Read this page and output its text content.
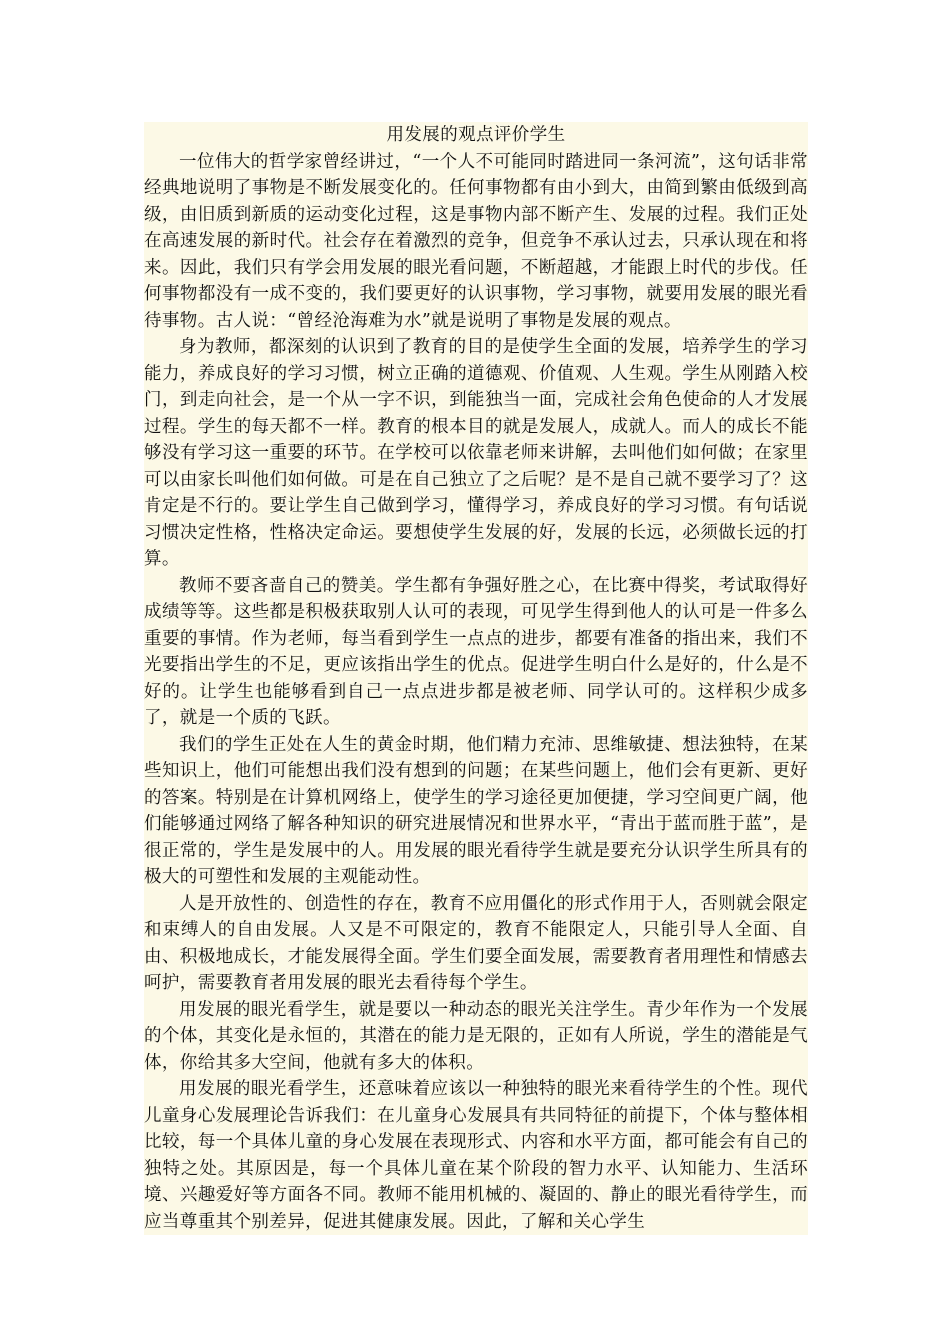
用发展的观点评价学生

一位伟大的哲学家曾经讲过，“一个人不可能同时踏进同一条河流”，这句话非常经典地说明了事物是不断发展变化的。任何事物都有由小到大，由简到繁由低级到高级，由旧质到新质的运动变化过程，这是事物内部不断产生、发展的过程。我们正处在高速发展的新时代。社会存在着激烈的竞争，但竞争不承认过去，只承认现在和将来。因此，我们只有学会用发展的眼光看问题，不断超越，才能跟上时代的步伐。任何事物都没有一成不变的，我们要更好的认识事物，学习事物，就要用发展的眼光看待事物。古人说：“曾经沧海难为水”就是说明了事物是发展的观点。

身为教师，都深刻的认识到了教育的目的是使学生全面的发展，培养学生的学习能力，养成良好的学习习惯，树立正确的道德观、价值观、人生观。学生从刚踏入校门，到走向社会，是一个从一字不识，到能独当一面，完成社会角色使命的人才发展过程。学生的每天都不一样。教育的根本目的就是发展人，成就人。而人的成长不能够没有学习这一重要的环节。在学校可以依靠老师来讲解，去叫他们如何做；在家里可以由家长叫他们如何做。可是在自己独立了之后呢？是不是自己就不要学习了？这肯定是不行的。要让学生自己做到学习，懂得学习，养成良好的学习习惯。有句话说习惯决定性格，性格决定命运。要想使学生发展的好，发展的长远，必须做长远的打算。

教师不要吝啬自己的赞美。学生都有争强好胜之心，在比赛中得奖，考试取得好成绩等等。这些都是积极获取别人认可的表现，可见学生得到他人的认可是一件多么重要的事情。作为老师，每当看到学生一点点的进步，都要有准备的指出来，我们不光要指出学生的不足，更应该指出学生的优点。促进学生明白什么是好的，什么是不好的。让学生也能够看到自己一点点进步都是被老师、同学认可的。这样积少成多了，就是一个质的飞跃。

我们的学生正处在人生的黄金时期，他们精力充沛、思维敏捷、想法独特，在某些知识上，他们可能想出我们没有想到的问题；在某些问题上，他们会有更新、更好的答案。特别是在计算机网络上，使学生的学习途径更加便捷，学习空间更广阔，他们能够通过网络了解各种知识的研究进展情况和世界水平，“青出于蓝而胜于蓝”，是很正常的，学生是发展中的人。用发展的眼光看待学生就是要充分认识学生所具有的极大的可塑性和发展的主观能动性。

人是开放性的、创造性的存在，教育不应用僵化的形式作用于人，否则就会限定和束缚人的自由发展。人又是不可限定的，教育不能限定人，只能引导人全面、自由、积极地成长，才能发展得全面。学生们要全面发展，需要教育者用理性和情感去呵护，需要教育者用发展的眼光去看待每个学生。

用发展的眼光看学生，就是要以一种动态的眼光关注学生。青少年作为一个发展的个体，其变化是永恒的，其潜在的能力是无限的，正如有人所说，学生的潜能是气体，你给其多大空间，他就有多大的体积。

用发展的眼光看学生，还意味着应该以一种独特的眼光来看待学生的个性。现代儿童身心发展理论告诉我们：在儿童身心发展具有共同特征的前提下，个体与整体相比较，每一个具体儿童的身心发展在表现形式、内容和水平方面，都可能会有自己的独特之处。其原因是，每一个具体儿童在某个阶段的智力水平、认知能力、生活环境、兴趣爱好等方面各不同。教师不能用机械的、凝固的、静止的眼光看待学生，而应当尊重其个别差异，促进其健康发展。因此，了解和关心学生
